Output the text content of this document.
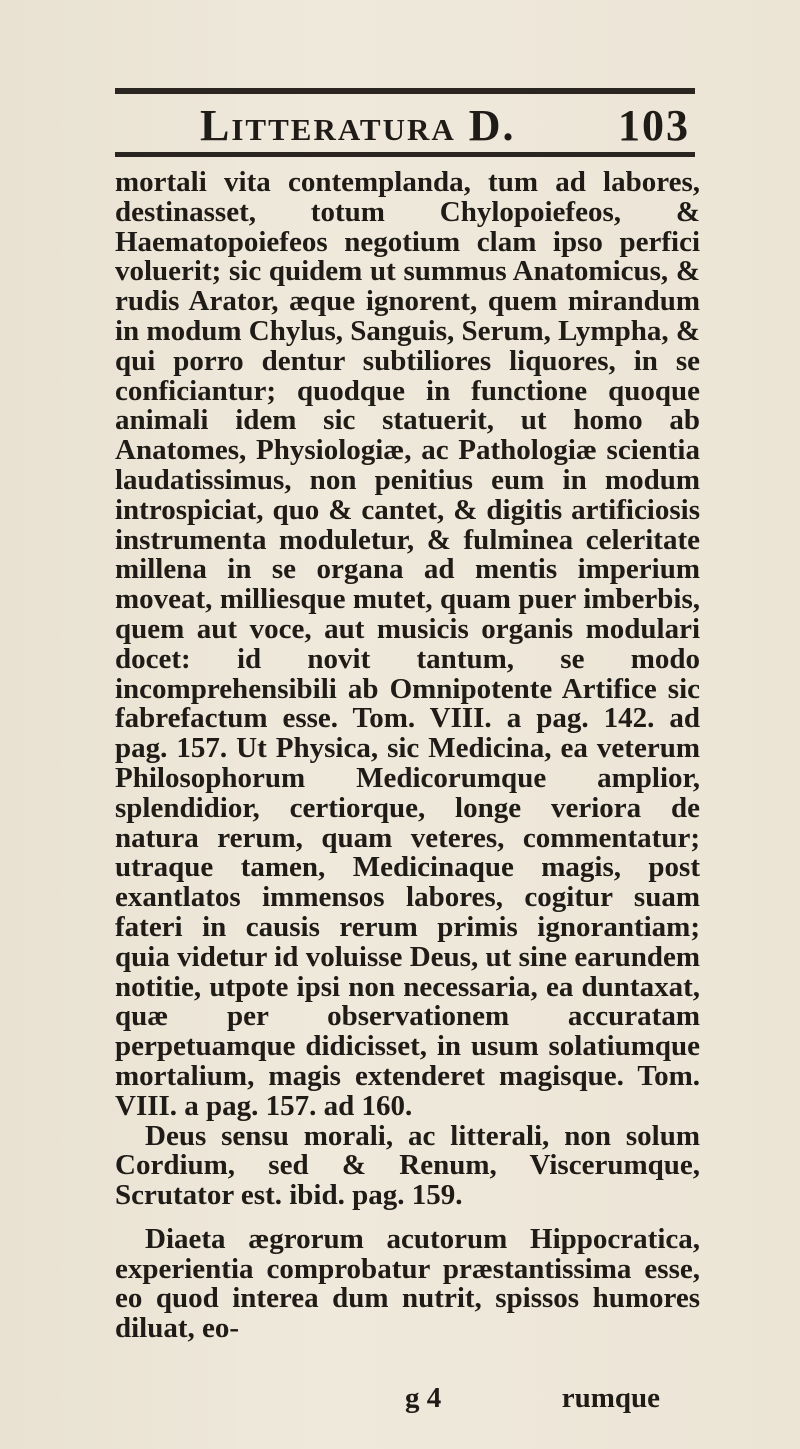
Litteratura D. 103

mortali vita contemplanda, tum ad labores, destinasset, totum Chylopoiefeos, & Haematopoiefeos negotium clam ipso perfici voluerit; sic quidem ut summus Anatomicus, & rudis Arator, æque ignorent, quem mirandum in modum Chylus, Sanguis, Serum, Lympha, & qui porro dentur subtiliores liquores, in se conficiantur; quodque in functione quoque animali idem sic statuerit, ut homo ab Anatomes, Physiologiæ, ac Pathologiæ scientia laudatissimus, non penitius eum in modum introspiciat, quo & cantet, & digitis artificiosis instrumenta moduletur, & fulminea celeritate millena in se organa ad mentis imperium moveat, milliesque mutet, quam puer imberbis, quem aut voce, aut musicis organis modulari docet: id novit tantum, se modo incomprehensibili ab Omnipotente Artifice sic fabrefactum esse. Tom. VIII. a pag. 142. ad pag. 157. Ut Physica, sic Medicina, ea veterum Philosophorum Medicorumque amplior, splendidior, certiorque, longe veriora de natura rerum, quam veteres, commentatur; utraque tamen, Medicinaque magis, post exantlatos immensos labores, cogitur suam fateri in causis rerum primis ignorantiam; quia videtur id voluisse Deus, ut sine earundem notitie, utpote ipsi non necessaria, ea duntaxat, quæ per observationem accuratam perpetuamque didicisset, in usum solatiumque mortalium, magis extenderet magisque. Tom. VIII. a pag. 157. ad 160.

Deus sensu morali, ac litterali, non solum Cordium, sed & Renum, Viscerumque, Scrutator est. ibid. pag. 159.

Diaeta ægrorum acutorum Hippocratica, experientia comprobatur præstantissima esse, eo quod interea dum nutrit, spissos humores diluat, eo-

g 4	rumque
